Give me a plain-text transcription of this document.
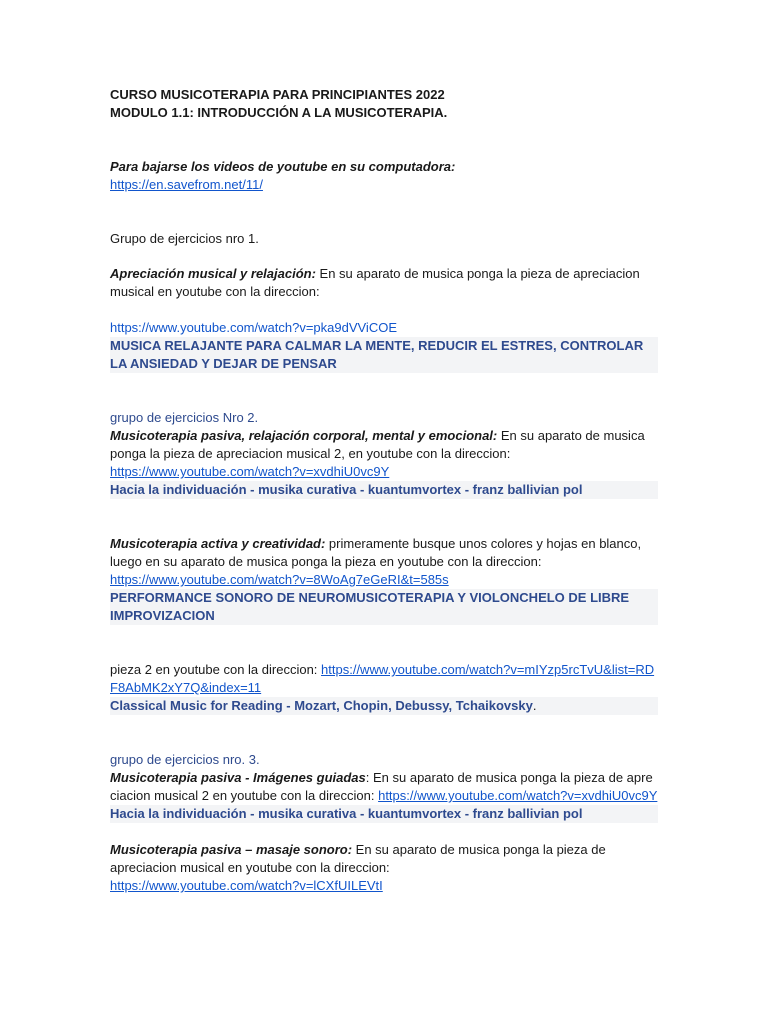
CURSO MUSICOTERAPIA PARA PRINCIPIANTES 2022

MODULO 1.1: INTRODUCCIÓN A LA MUSICOTERAPIA.

Para bajarse los videos de youtube en su computadora:

https://en.savefrom.net/11/

Grupo de ejercicios nro 1.

Apreciación musical y relajación: En su aparato de musica ponga la pieza de apreciacion musical en youtube con la direccion:

https://www.youtube.com/watch?v=pka9dVViCOE

MUSICA RELAJANTE PARA CALMAR LA MENTE, REDUCIR EL ESTRES, CONTROLAR LA ANSIEDAD Y DEJAR DE PENSAR

grupo de ejercicios Nro 2.

Musicoterapia pasiva, relajación corporal, mental y emocional: En su aparato de musica ponga la pieza de apreciacion musical 2, en youtube con la direccion:

https://www.youtube.com/watch?v=xvdhiU0vc9Y

Hacia la individuación - musika curativa - kuantumvortex - franz ballivian pol

Musicoterapia activa y creatividad: primeramente busque unos colores y hojas en blanco, luego en su aparato de musica ponga la pieza en youtube con la direccion:

https://www.youtube.com/watch?v=8WoAg7eGeRI&t=585s

PERFORMANCE SONORO DE NEUROMUSICOTERAPIA Y VIOLONCHELO DE LIBRE IMPROVIZACION

pieza 2 en youtube con la direccion: https://www.youtube.com/watch?v=mIYzp5rcTvU&list=RDF8AbMK2xY7Q&index=11

Classical Music for Reading - Mozart, Chopin, Debussy, Tchaikovsky.

grupo de ejercicios nro. 3.

Musicoterapia pasiva - Imágenes guiadas: En su aparato de musica ponga la pieza de apreciacion musical 2 en youtube con la direccion: https://www.youtube.com/watch?v=xvdhiU0vc9Y

Hacia la individuación - musika curativa - kuantumvortex - franz ballivian pol

Musicoterapia pasiva – masaje sonoro: En su aparato de musica ponga la pieza de apreciacion musical en youtube con la direccion:

https://www.youtube.com/watch?v=lCXfUILEVtI
